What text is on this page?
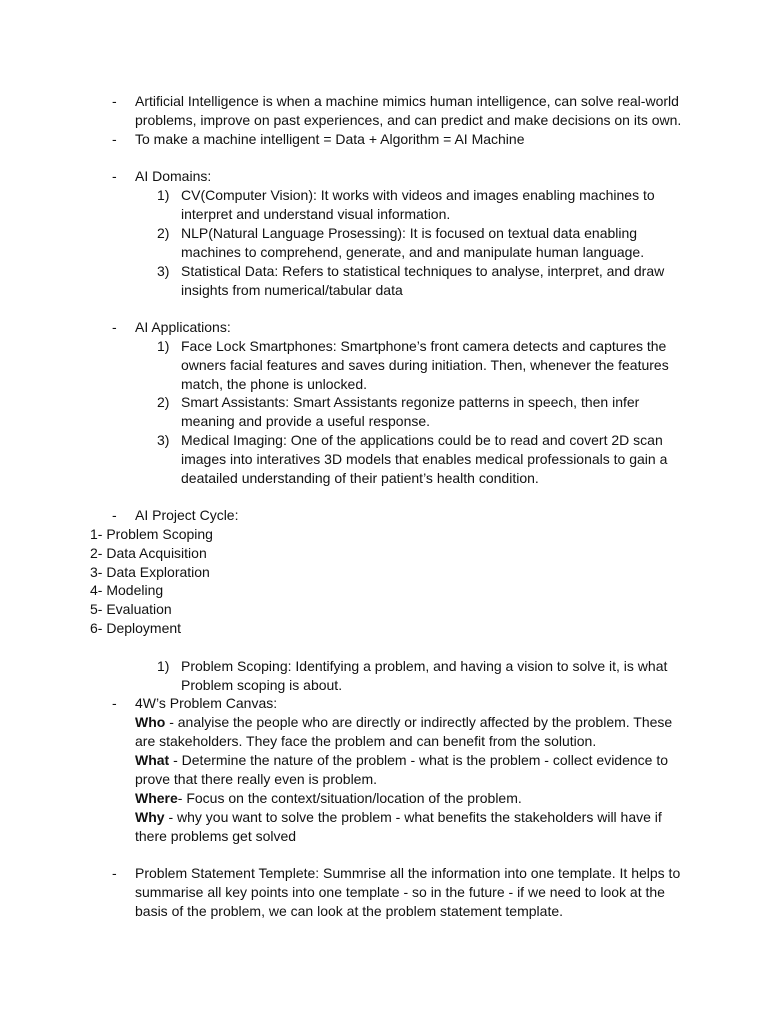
- Artificial Intelligence is when a machine mimics human intelligence, can solve real-world
problems, improve on past experiences, and can predict and make decisions on its own.
- To make a machine intelligent = Data + Algorithm = AI Machine
- AI Domains:
1) CV(Computer Vision): It works with videos and images enabling machines to
interpret and understand visual information.
2) NLP(Natural Language Prosessing): It is focused on textual data enabling
machines to comprehend, generate, and and manipulate human language.
3) Statistical Data: Refers to statistical techniques to analyse, interpret, and draw
insights from numerical/tabular data
- AI Applications:
1) Face Lock Smartphones: Smartphone’s front camera detects and captures the
owners facial features and saves during initiation. Then, whenever the features
match, the phone is unlocked.
2) Smart Assistants: Smart Assistants regonize patterns in speech, then infer
meaning and provide a useful response.
3) Medical Imaging: One of the applications could be to read and covert 2D scan
images into interatives 3D models that enables medical professionals to gain a
deatailed understanding of their patient’s health condition.
- AI Project Cycle:
1- Problem Scoping
2- Data Acquisition
3- Data Exploration
4- Modeling
5- Evaluation
6- Deployment
1) Problem Scoping: Identifying a problem, and having a vision to solve it, is what
Problem scoping is about.
- 4W’s Problem Canvas:
Who - analyise the people who are directly or indirectly affected by the problem. These
are stakeholders. They face the problem and can benefit from the solution.
What - Determine the nature of the problem - what is the problem - collect evidence to
prove that there really even is problem.
Where- Focus on the context/situation/location of the problem.
Why - why you want to solve the problem - what benefits the stakeholders will have if
there problems get solved
- Problem Statement Templete: Summrise all the information into one template. It helps to
summarise all key points into one template - so in the future - if we need to look at the
basis of the problem, we can look at the problem statement template.
